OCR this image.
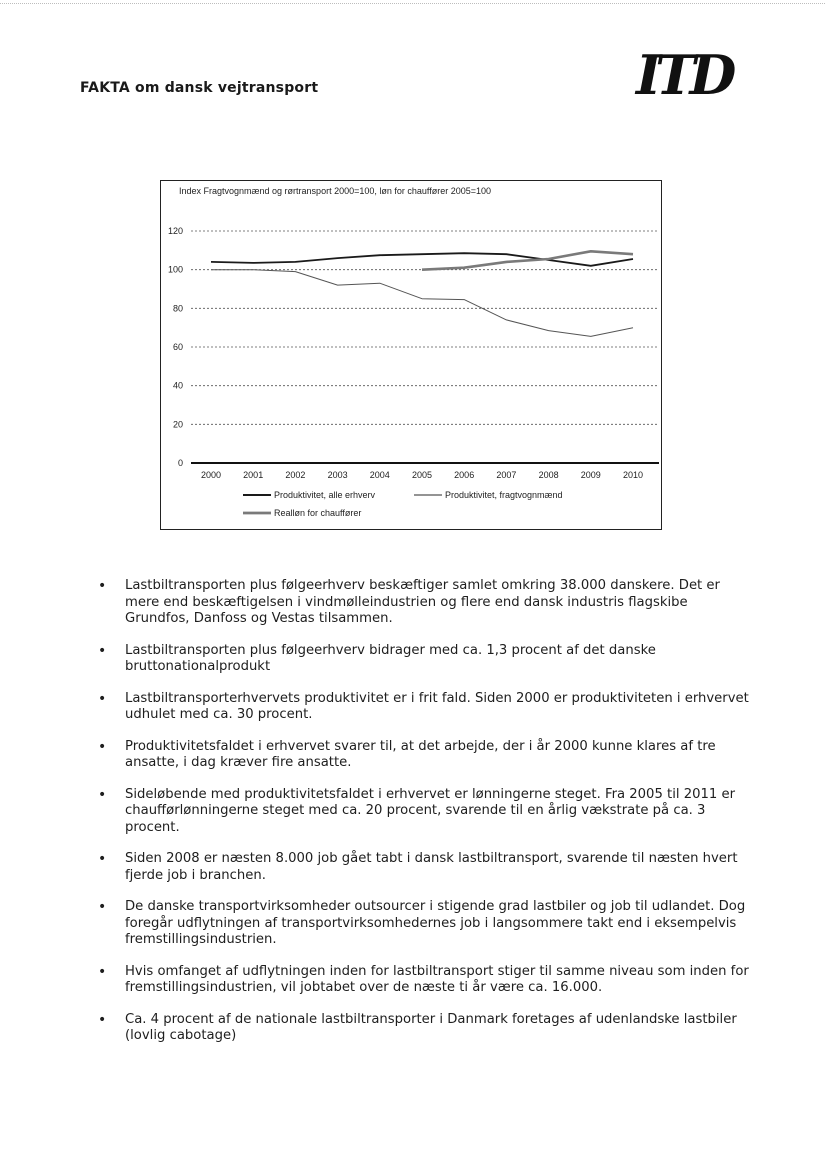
FAKTA om dansk vejtransport	ITD
Index Fragtvognmænd og rørtransport 2000=100, løn for chauffører 2005=100
0
20
40
60
80
100
120
2000 2001 2002 2003 2004 2005 2006 2007 2008 2009 2010
Produktivitet, alle erhverv	Produktivitet, fragtvognmænd
Realløn for chauffører
• Lastbiltransporten plus følgeerhverv beskæftiger samlet omkring 38.000 danskere. Det er mere end beskæftigelsen i vindmølleindustrien og flere end dansk industris flagskibe Grundfos, Danfoss og Vestas tilsammen.
• Lastbiltransporten plus følgeerhverv bidrager med ca. 1,3 procent af det danske bruttonationalprodukt
• Lastbiltransporterhvervets produktivitet er i frit fald. Siden 2000 er produktiviteten i erhvervet udhulet med ca. 30 procent.
• Produktivitetsfaldet i erhvervet svarer til, at det arbejde, der i år 2000 kunne klares af tre ansatte, i dag kræver fire ansatte.
• Sideløbende med produktivitetsfaldet i erhvervet er lønningerne steget. Fra 2005 til 2011 er chaufførlønningerne steget med ca. 20 procent, svarende til en årlig vækstrate på ca. 3 procent.
• Siden 2008 er næsten 8.000 job gået tabt i dansk lastbiltransport, svarende til næsten hvert fjerde job i branchen.
• De danske transportvirksomheder outsourcer i stigende grad lastbiler og job til udlandet. Dog foregår udflytningen af transportvirksomhedernes job i langsommere takt end i eksempelvis fremstillingsindustrien.
• Hvis omfanget af udflytningen inden for lastbiltransport stiger til samme niveau som inden for fremstillingsindustrien, vil jobtabet over de næste ti år være ca. 16.000.
• Ca. 4 procent af de nationale lastbiltransporter i Danmark foretages af udenlandske lastbiler (lovlig cabotage)
